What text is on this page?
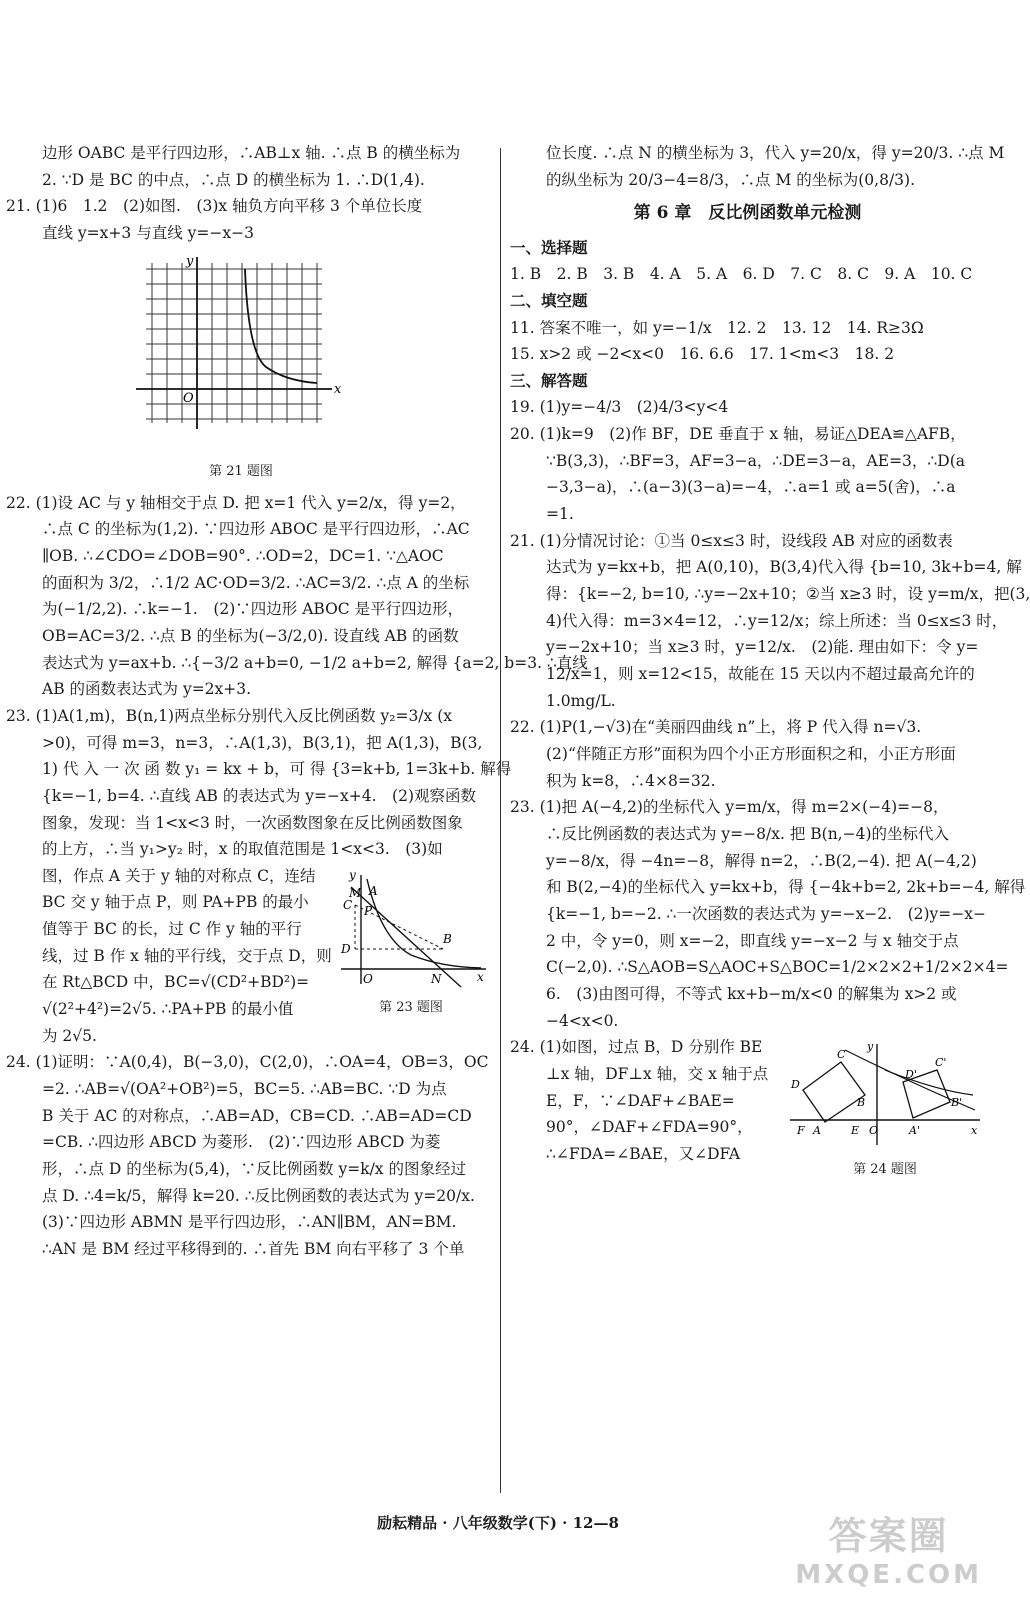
边形 OABC 是平行四边形，∴AB⊥x 轴. ∴点 B 的横坐标为
2. ∵D 是 BC 的中点，∴点 D 的横坐标为 1. ∴D(1,4).
21. (1)6　1.2　(2)如图.　(3)x 轴负方向平移 3 个单位长度
直线 y=x+3 与直线 y=−x−3
x
y
O
第 21 题图
22. (1)设 AC 与 y 轴相交于点 D. 把 x=1 代入 y=2/x，得 y=2，
∴点 C 的坐标为(1,2). ∵四边形 ABOC 是平行四边形，∴AC
∥OB. ∴∠CDO=∠DOB=90°. ∴OD=2，DC=1. ∵△AOC
的面积为 3/2，∴1/2 AC·OD=3/2. ∴AC=3/2. ∴点 A 的坐标
为(−1/2,2). ∴k=−1.　(2)∵四边形 ABOC 是平行四边形，
OB=AC=3/2. ∴点 B 的坐标为(−3/2,0). 设直线 AB 的函数
表达式为 y=ax+b. ∴{−3/2 a+b=0, −1/2 a+b=2, 解得 {a=2, b=3. ∴直线
AB 的函数表达式为 y=2x+3.
23. (1)A(1,m)，B(n,1)两点坐标分别代入反比例函数 y₂=3/x (x
>0)，可得 m=3，n=3，∴A(1,3)，B(3,1)，把 A(1,3)，B(3,
1) 代 入 一 次 函 数 y₁ = kx + b，可 得 {3=k+b, 1=3k+b. 解得
{k=−1, b=4. ∴直线 AB 的表达式为 y=−x+4.　(2)观察函数
图象，发现：当 1<x<3 时，一次函数图象在反比例函数图象
的上方，∴当 y₁>y₂ 时，x 的取值范围是 1<x<3.　(3)如
y
M A
C P
D
B
O	N	x
第 23 题图
图，作点 A 关于 y 轴的对称点 C，连结
BC 交 y 轴于点 P，则 PA+PB 的最小
值等于 BC 的长，过 C 作 y 轴的平行
线，过 B 作 x 轴的平行线，交于点 D，则
在 Rt△BCD 中，BC=√(CD²+BD²)=
√(2²+4²)=2√5. ∴PA+PB 的最小值
为 2√5.
24. (1)证明：∵A(0,4)，B(−3,0)，C(2,0)，∴OA=4，OB=3，OC
=2. ∴AB=√(OA²+OB²)=5，BC=5. ∴AB=BC. ∵D 为点
B 关于 AC 的对称点，∴AB=AD，CB=CD. ∴AB=AD=CD
=CB. ∴四边形 ABCD 为菱形.　(2)∵四边形 ABCD 为菱
形，∴点 D 的坐标为(5,4)，∵反比例函数 y=k/x 的图象经过
点 D. ∴4=k/5，解得 k=20. ∴反比例函数的表达式为 y=20/x.
(3)∵四边形 ABMN 是平行四边形，∴AN∥BM，AN=BM.
∴AN 是 BM 经过平移得到的. ∴首先 BM 向右平移了 3 个单
位长度. ∴点 N 的横坐标为 3，代入 y=20/x，得 y=20/3. ∴点 M
的纵坐标为 20/3−4=8/3，∴点 M 的坐标为(0,8/3).
第 6 章　反比例函数单元检测
一、选择题
1. B　2. B　3. B　4. A　5. A　6. D　7. C　8. C　9. A　10. C
二、填空题
11. 答案不唯一，如 y=−1/x　12. 2　13. 12　14. R≥3Ω
15. x>2 或 −2<x<0　16. 6.6　17. 1<m<3　18. 2
三、解答题
19. (1)y=−4/3　(2)4/3<y<4
20. (1)k=9　(2)作 BF，DE 垂直于 x 轴，易证△DEA≌△AFB，
∵B(3,3)，∴BF=3，AF=3−a，∴DE=3−a，AE=3，∴D(a
−3,3−a)，∴(a−3)(3−a)=−4，∴a=1 或 a=5(舍)，∴a
=1.
21. (1)分情况讨论：①当 0≤x≤3 时，设线段 AB 对应的函数表
达式为 y=kx+b，把 A(0,10)，B(3,4)代入得 {b=10, 3k+b=4, 解
得：{k=−2, b=10, ∴y=−2x+10；②当 x≥3 时，设 y=m/x，把(3,
4)代入得：m=3×4=12，∴y=12/x；综上所述：当 0≤x≤3 时，
y=−2x+10；当 x≥3 时，y=12/x.　(2)能. 理由如下：令 y=
12/x=1，则 x=12<15，故能在 15 天以内不超过最高允许的
1.0mg/L.
22. (1)P(1,−√3)在“美丽四曲线 n”上，将 P 代入得 n=√3.
(2)“伴随正方形”面积为四个小正方形面积之和，小正方形面
积为 k=8，∴4×8=32.
23. (1)把 A(−4,2)的坐标代入 y=m/x，得 m=2×(−4)=−8，
∴反比例函数的表达式为 y=−8/x. 把 B(n,−4)的坐标代入
y=−8/x，得 −4n=−8，解得 n=2，∴B(2,−4). 把 A(−4,2)
和 B(2,−4)的坐标代入 y=kx+b，得 {−4k+b=2, 2k+b=−4, 解得
{k=−1, b=−2. ∴一次函数的表达式为 y=−x−2.　(2)y=−x−
2 中，令 y=0，则 x=−2，即直线 y=−x−2 与 x 轴交于点
C(−2,0). ∴S△AOB=S△AOC+S△BOC=1/2×2×2+1/2×2×4=
6.　(3)由图可得，不等式 kx+b−m/x<0 的解集为 x>2 或
−4<x<0.
y
C
C'
D
D'
B	B'
F A	E O	A'	x
第 24 题图
24. (1)如图，过点 B，D 分别作 BE
⊥x 轴，DF⊥x 轴，交 x 轴于点
E，F，∵∠DAF+∠BAE=
90°，∠DAF+∠FDA=90°，
∴∠FDA=∠BAE，又∠DFA
励耘精品 · 八年级数学(下) · 12—8	答案圈
MXQE.COM
